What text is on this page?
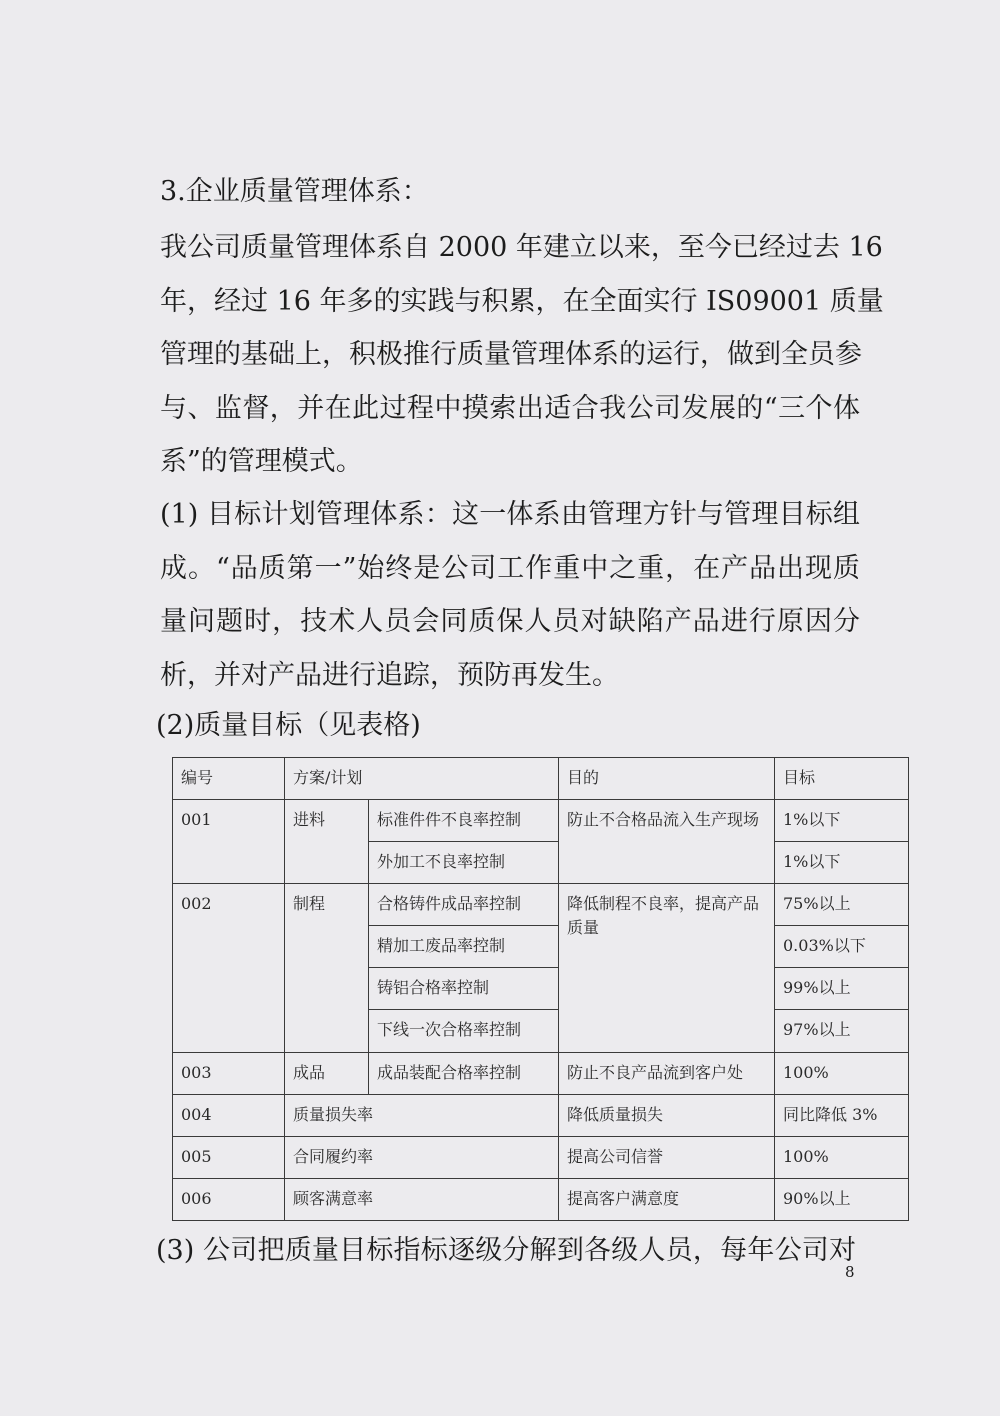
3.企业质量管理体系：
我公司质量管理体系自 2000 年建立以来，至今已经过去 16
年，经过 16 年多的实践与积累，在全面实行 IS09001 质量
管理的基础上，积极推行质量管理体系的运行，做到全员参
与、监督，并在此过程中摸索出适合我公司发展的“三个体
系”的管理模式。
(1) 目标计划管理体系：这一体系由管理方针与管理目标组
成。“品质第一”始终是公司工作重中之重，在产品出现质
量问题时，技术人员会同质保人员对缺陷产品进行原因分
析，并对产品进行追踪，预防再发生。
(2)质量目标（见表格)
编号	方案/计划		目的	目标
001	进料	标准件件不良率控制	防止不合格品流入生产现场	1%以下
		外加工不良率控制		1%以下
002	制程	合格铸件成品率控制	降低制程不良率，提高产品质量	75%以上
		精加工废品率控制		0.03%以下
		铸铝合格率控制		99%以上
		下线一次合格率控制		97%以上
003	成品	成品装配合格率控制	防止不良产品流到客户处	100%
004	质量损失率		降低质量损失	同比降低 3%
005	合同履约率		提高公司信誉	100%
006	顾客满意率		提高客户满意度	90%以上
(3) 公司把质量目标指标逐级分解到各级人员，每年公司对
8
